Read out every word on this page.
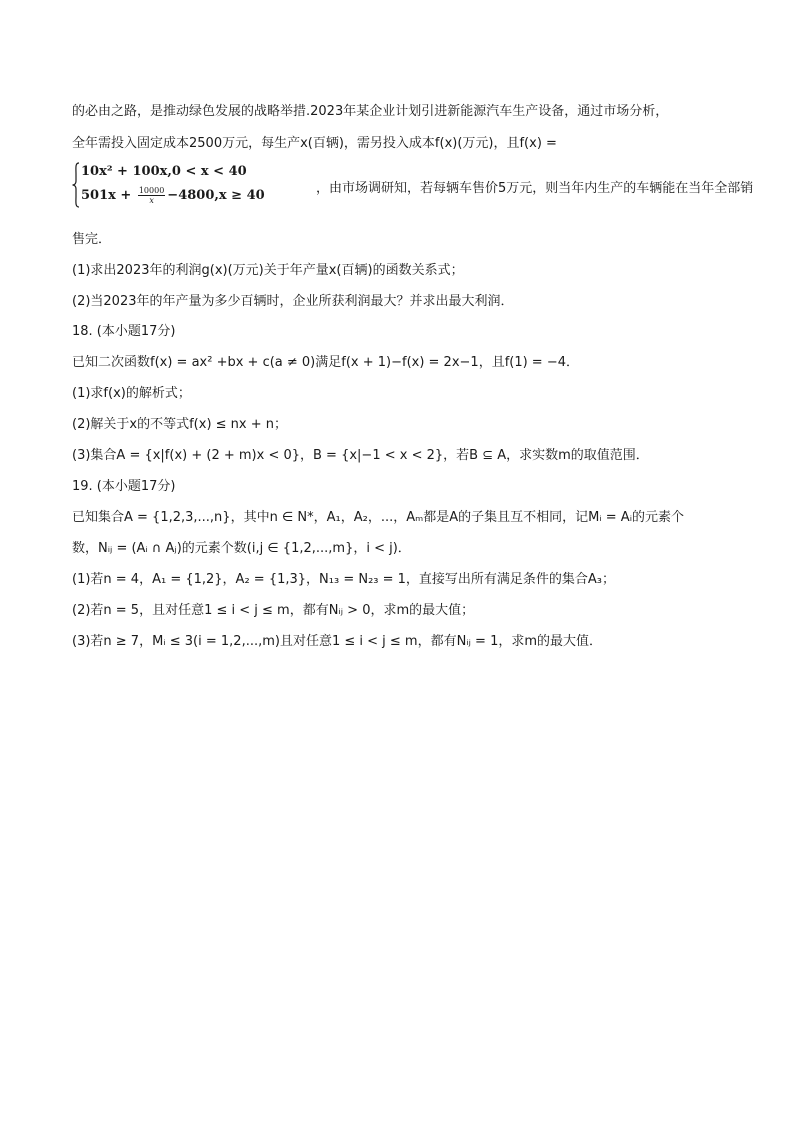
的必由之路，是推动绿色发展的战略举措.2023年某企业计划引进新能源汽车生产设备，通过市场分析，
全年需投入固定成本2500万元，每生产x(百辆)，需另投入成本f(x)(万元)，且f(x) =
10x² + 100x,0 < x < 40
$501x + \frac{10000}{x} -4800,x \ge 40$	，由市场调研知，若每辆车售价5万元，则当年内生产的车辆能在当年全部销
售完．
(1)求出2023年的利润g(x)(万元)关于年产量x(百辆)的函数关系式；
(2)当2023年的年产量为多少百辆时，企业所获利润最大？并求出最大利润．
18. (本小题17分)
已知二次函数f(x) = ax² +bx + c(a ≠ 0)满足f(x + 1)−f(x) = 2x−1，且f(1) = −4．
(1)求f(x)的解析式；
(2)解关于x的不等式f(x) ≤ nx + n；
(3)集合A = {x|f(x) + (2 + m)x < 0}，B = {x|−1 < x < 2}，若B ⊆ A，求实数m的取值范围．
19. (本小题17分)
已知集合A = {1,2,3,...,n}，其中n ∈ N*，A₁，A₂，...，Aₘ都是A的子集且互不相同，记Mᵢ = Aᵢ的元素个
数，Nᵢⱼ = (Aᵢ ∩ Aⱼ)的元素个数(i,j ∈ {1,2,...,m}，i < j)．
(1)若n = 4，A₁ = {1,2}，A₂ = {1,3}，N₁₃ = N₂₃ = 1，直接写出所有满足条件的集合A₃；
(2)若n = 5，且对任意1 ≤ i < j ≤ m，都有Nᵢⱼ > 0，求m的最大值；
(3)若n ≥ 7，Mᵢ ≤ 3(i = 1,2,...,m)且对任意1 ≤ i < j ≤ m，都有Nᵢⱼ = 1，求m的最大值．
